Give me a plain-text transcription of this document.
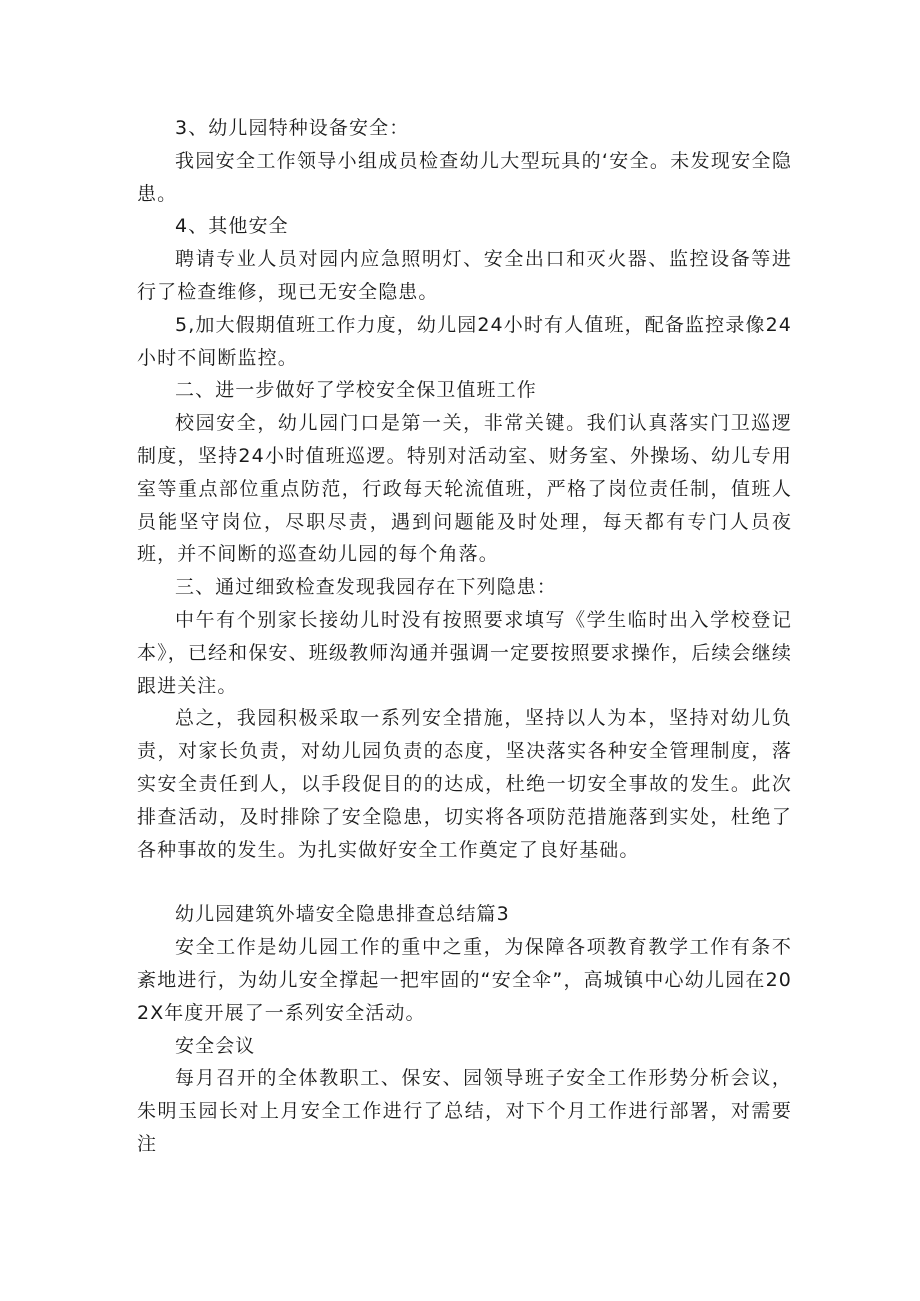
3、幼儿园特种设备安全：

我园安全工作领导小组成员检查幼儿大型玩具的‘安全。未发现安全隐患。

4、其他安全

聘请专业人员对园内应急照明灯、安全出口和灭火器、监控设备等进行了检查维修，现已无安全隐患。

5,加大假期值班工作力度，幼儿园24小时有人值班，配备监控录像24小时不间断监控。

二、进一步做好了学校安全保卫值班工作

校园安全，幼儿园门口是第一关，非常关键。我们认真落实门卫巡逻制度，坚持24小时值班巡逻。特别对活动室、财务室、外操场、幼儿专用室等重点部位重点防范，行政每天轮流值班，严格了岗位责任制，值班人员能坚守岗位，尽职尽责，遇到问题能及时处理，每天都有专门人员夜班，并不间断的巡查幼儿园的每个角落。

三、通过细致检查发现我园存在下列隐患：

中午有个别家长接幼儿时没有按照要求填写《学生临时出入学校登记本》，已经和保安、班级教师沟通并强调一定要按照要求操作，后续会继续跟进关注。

总之，我园积极采取一系列安全措施，坚持以人为本，坚持对幼儿负责，对家长负责，对幼儿园负责的态度，坚决落实各种安全管理制度，落实安全责任到人，以手段促目的的达成，杜绝一切安全事故的发生。此次排查活动，及时排除了安全隐患，切实将各项防范措施落到实处，杜绝了各种事故的发生。为扎实做好安全工作奠定了良好基础。

幼儿园建筑外墙安全隐患排查总结篇3

安全工作是幼儿园工作的重中之重，为保障各项教育教学工作有条不紊地进行，为幼儿安全撑起一把牢固的“安全伞”，高城镇中心幼儿园在202X年度开展了一系列安全活动。

安全会议

每月召开的全体教职工、保安、园领导班子安全工作形势分析会议，朱明玉园长对上月安全工作进行了总结，对下个月工作进行部署，对需要注
